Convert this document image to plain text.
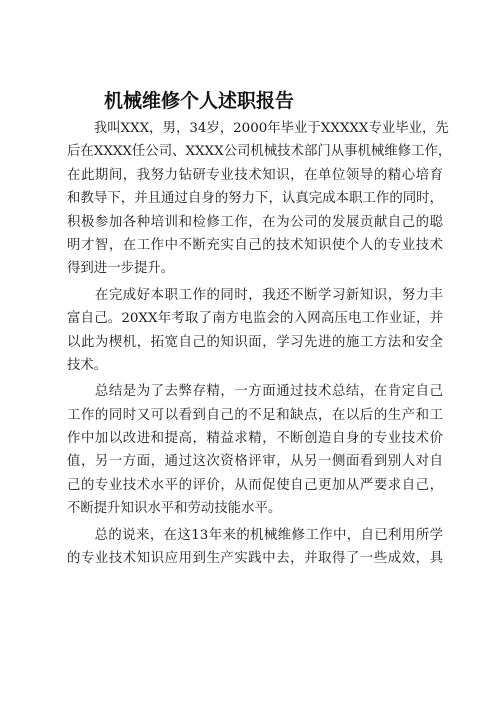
机械维修个人述职报告

　　我叫XXX，男，34岁，2000年毕业于XXXXX专业毕业，先
后在XXXX任公司、XXXX公司机械技术部门从事机械维修工作，
在此期间，我努力钻研专业技术知识，在单位领导的精心培育
和教导下，并且通过自身的努力下，认真完成本职工作的同时，
积极参加各种培训和检修工作，在为公司的发展贡献自己的聪
明才智，在工作中不断充实自己的技术知识使个人的专业技术
得到进一步提升。

　　在完成好本职工作的同时，我还不断学习新知识，努力丰
富自己。20XX年考取了南方电监会的入网高压电工作业证，并
以此为楔机，拓宽自己的知识面，学习先进的施工方法和安全
技术。

　　总结是为了去弊存精，一方面通过技术总结，在肯定自己
工作的同时又可以看到自己的不足和缺点，在以后的生产和工
作中加以改进和提高，精益求精，不断创造自身的专业技术价
值，另一方面，通过这次资格评审，从另一侧面看到别人对自
己的专业技术水平的评价，从而促使自己更加从严要求自己，
不断提升知识水平和劳动技能水平。

　　总的说来，在这13年来的机械维修工作中，自已利用所学
的专业技术知识应用到生产实践中去，并取得了一些成效，具
